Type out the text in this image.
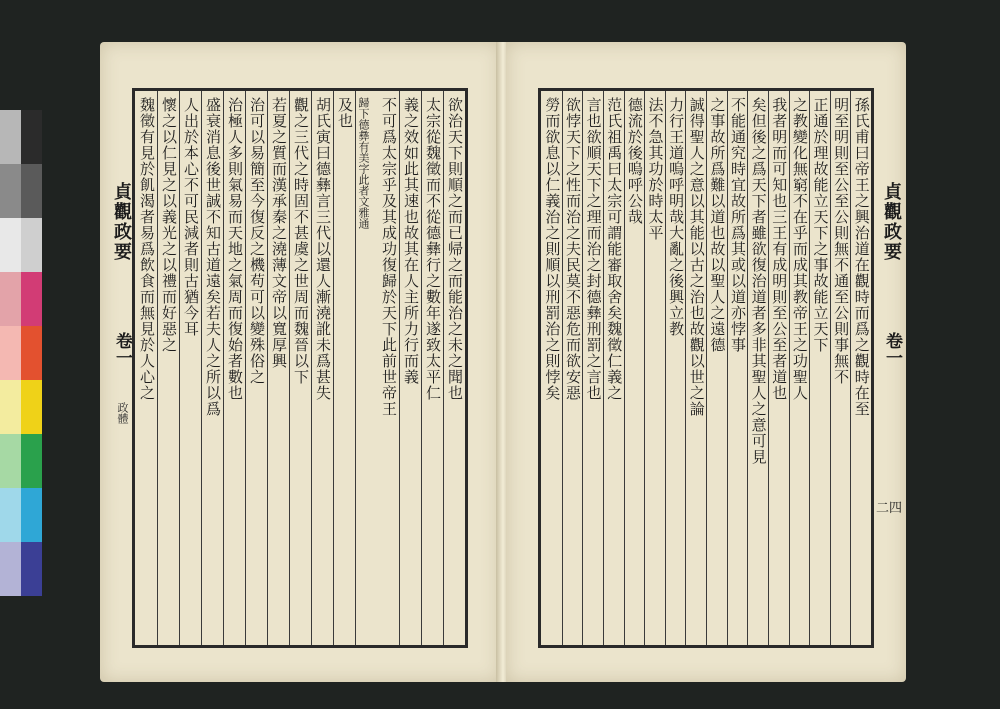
貞觀政要
卷一
政體
欲治天下則順之而已帰之而能治之未之聞也
太宗從魏徵而不從德彝行之數年遂致太平仁
義之效如此其速也故其在人主所力行而義
不可爲太宗乎及其成功復歸於天下此前世帝王
歸下德彝有美字此者文雅通
及也
胡氏寅曰德彝言三代以還人漸澆訛未爲甚失
觀之三代之時固不甚虞之世周而魏晉以下
若夏之質而漢承秦之澆薄文帝以寬厚興
治可以易簡至今復反之機苟可以變殊俗之
治極人多則氣易而天地之氣周而復始者數也
盛衰消息後世誠不知古道遠矣若夫人之所以爲
人出於本心不可民減者則古猶今耳
懷之以仁見之以義光之以禮而好惡之
魏徵有見於飢渴者易爲飲食而無見於人心之	孫氏甫曰帝王之興治道在觀時而爲之觀時在至
明至明則至公至公則無不通至公則事無不
正通於理故能立天下之事故能立天下
之教變化無窮不在乎而成其教帝王之功聖人
我者明而可知也三王有成明則至公至者道也
矣但後之爲天下者雖欲復治道者多非其聖人之意可見
不能通究時宜故所爲其或以道亦悖事
之事故所爲難以道也故以聖人之遠德
誠得聖人之意以其能以古之治也故觀以世之論
力行王道嗚呼明哉大亂之後興立教
法不急其功於時太平
德流於後嗚呼公哉
范氏祖禹曰太宗可謂能審取舍矣魏徵仁義之
言也欲順天下之理而治之封德彝刑罰之言也
欲悖天下之性而治之夫民莫不惡危而欲安惡
勞而欲息以仁義治之則順以刑罰治之則悖矣	貞觀政要
卷一
二四
